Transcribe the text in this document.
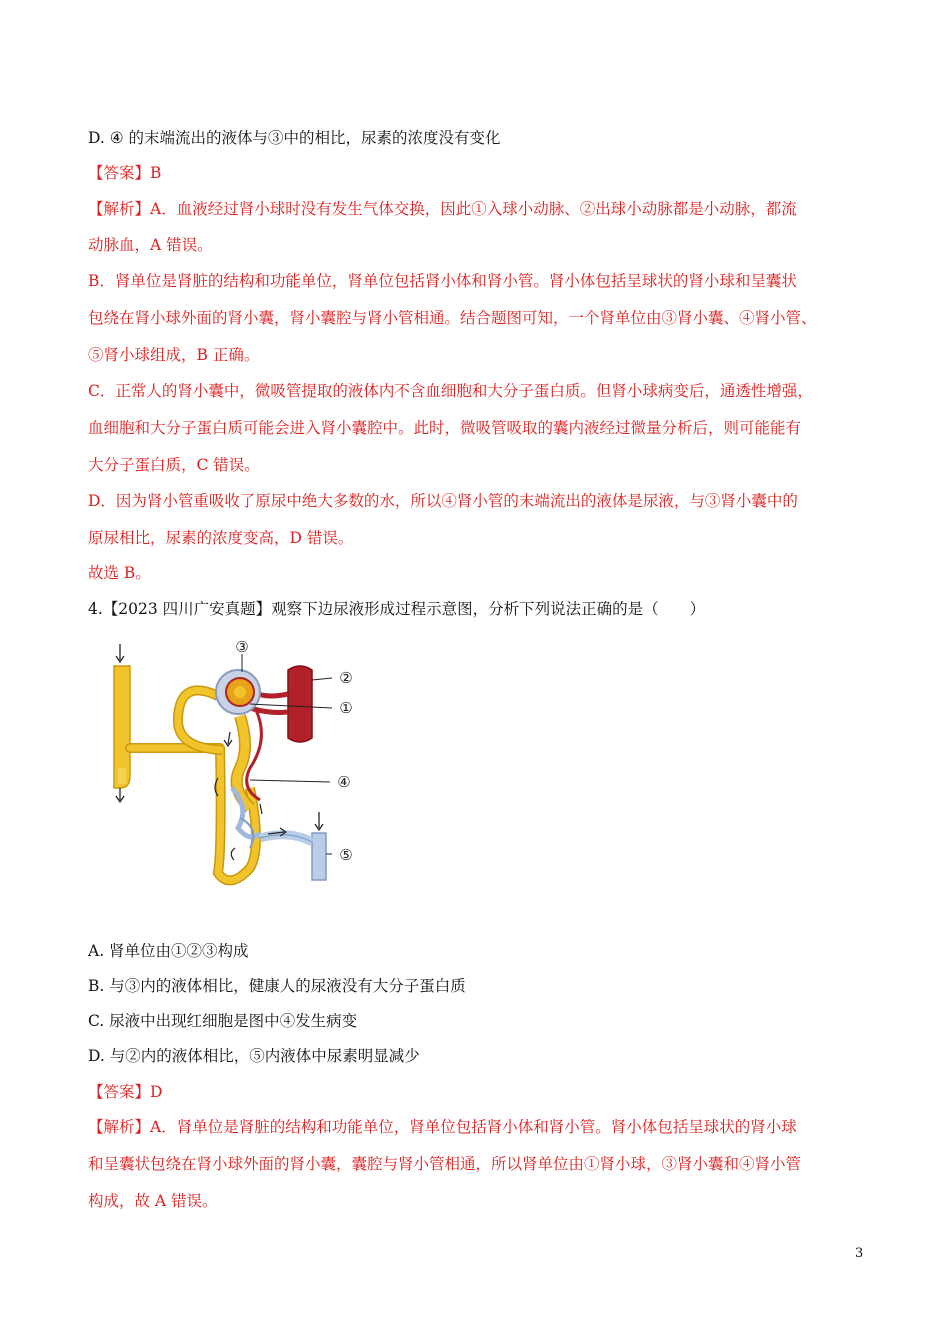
D. ④ 的末端流出的液体与③中的相比，尿素的浓度没有变化
【答案】B
【解析】A．血液经过肾小球时没有发生气体交换，因此①入球小动脉、②出球小动脉都是小动脉，都流
动脉血，A 错误。
B．肾单位是肾脏的结构和功能单位，肾单位包括肾小体和肾小管。肾小体包括呈球状的肾小球和呈囊状
包绕在肾小球外面的肾小囊，肾小囊腔与肾小管相通。结合题图可知，一个肾单位由③肾小囊、④肾小管、
⑤肾小球组成，B 正确。
C．正常人的肾小囊中，微吸管提取的液体内不含血细胞和大分子蛋白质。但肾小球病变后，通透性增强，
血细胞和大分子蛋白质可能会进入肾小囊腔中。此时，微吸管吸取的囊内液经过微量分析后，则可能能有
大分子蛋白质，C 错误。
D．因为肾小管重吸收了原尿中绝大多数的水，所以④肾小管的末端流出的液体是尿液，与③肾小囊中的
原尿相比，尿素的浓度变高，D 错误。
故选 B。
4.【2023 四川广安真题】观察下边尿液形成过程示意图，分析下列说法正确的是（　　）
③
②
①
④
⑤
A. 肾单位由①②③构成
B. 与③内的液体相比，健康人的尿液没有大分子蛋白质
C. 尿液中出现红细胞是图中④发生病变
D. 与②内的液体相比，⑤内液体中尿素明显减少
【答案】D
【解析】A．肾单位是肾脏的结构和功能单位，肾单位包括肾小体和肾小管。肾小体包括呈球状的肾小球
和呈囊状包绕在肾小球外面的肾小囊，囊腔与肾小管相通，所以肾单位由①肾小球，③肾小囊和④肾小管
构成，故 A 错误。
3
